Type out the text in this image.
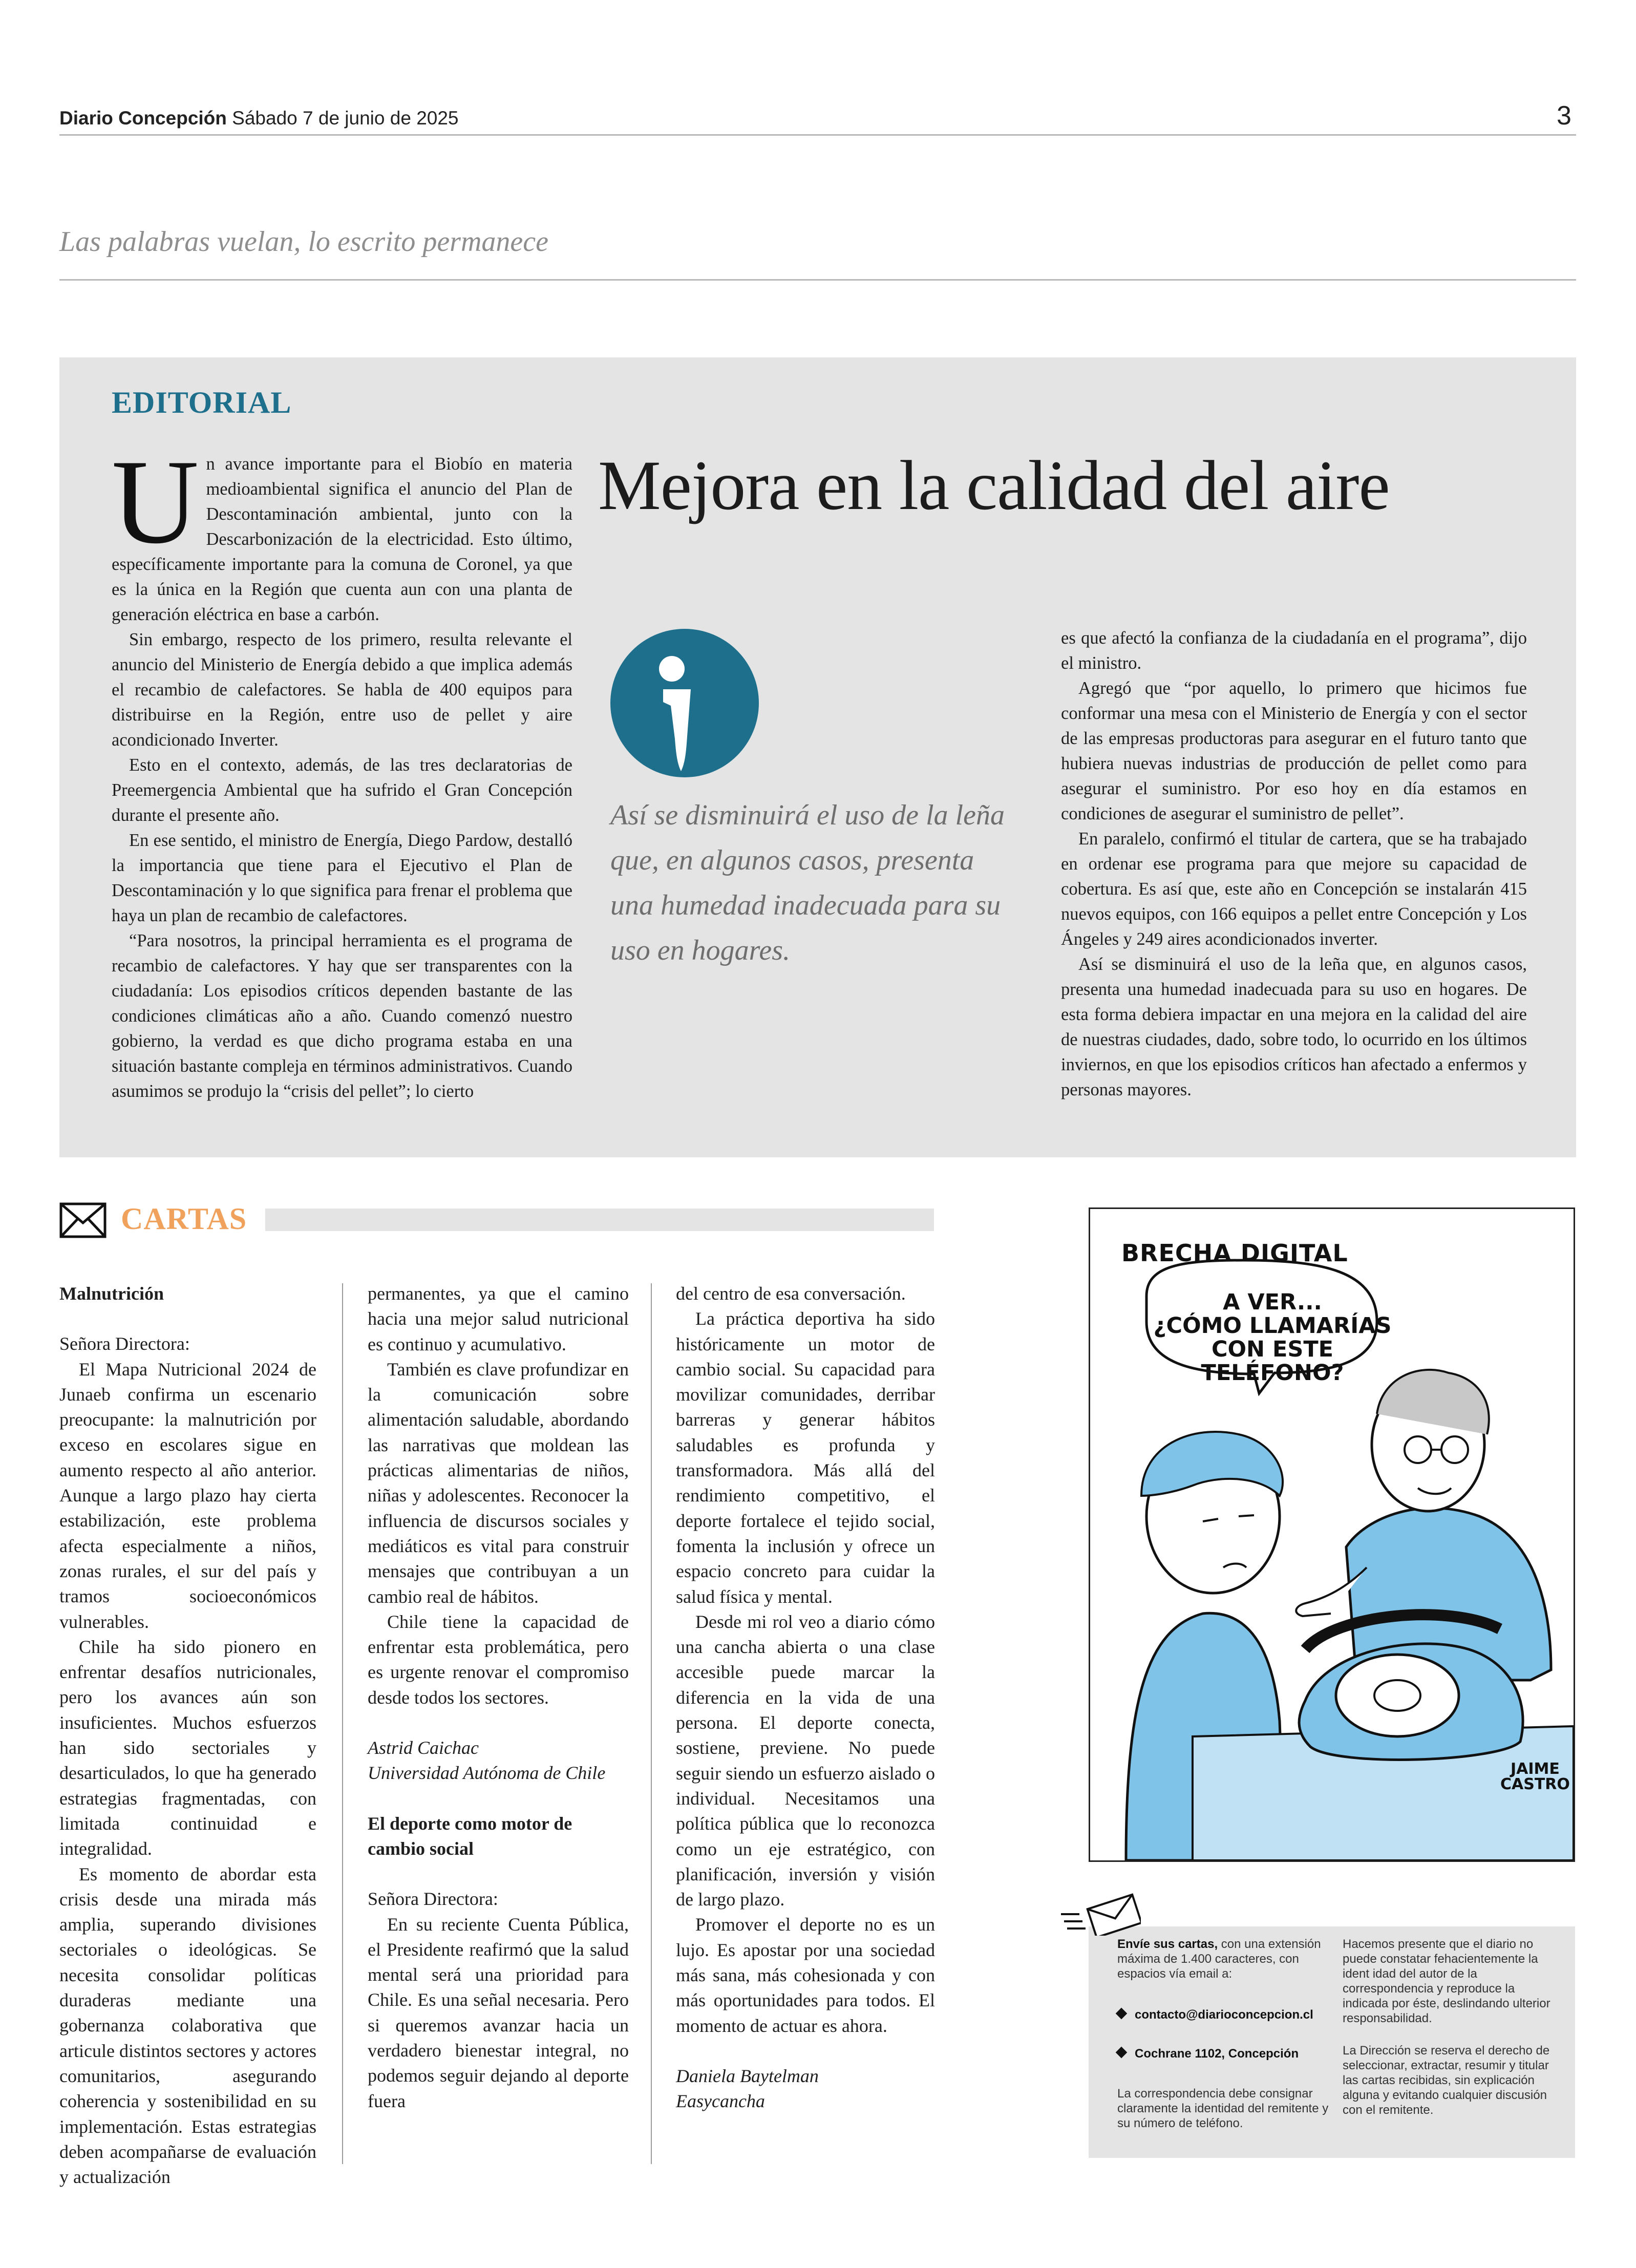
Diario Concepción Sábado 7 de junio de 2025	3
Las palabras vuelan, lo escrito permanece
EDITORIAL
Mejora en la calidad del aire

Un avance importante para el Biobío en materia medioambiental significa el anuncio del Plan de Descontaminación ambiental, junto con la Descarbonización de la electricidad. Esto último, específicamente importante para la comuna de Coronel, ya que es la única en la Región que cuenta aun con una planta de generación eléctrica en base a carbón.

Sin embargo, respecto de los primero, resulta relevante el anuncio del Ministerio de Energía debido a que implica además el recambio de calefactores. Se habla de 400 equipos para distribuirse en la Región, entre uso de pellet y aire acondicionado Inverter.

Esto en el contexto, además, de las tres declaratorias de Preemergencia Ambiental que ha sufrido el Gran Concepción durante el presente año.

En ese sentido, el ministro de Energía, Diego Pardow, destalló la importancia que tiene para el Ejecutivo el Plan de Descontaminación y lo que significa para frenar el problema que haya un plan de recambio de calefactores.

“Para nosotros, la principal herramienta es el programa de recambio de calefactores. Y hay que ser transparentes con la ciudadanía: Los episodios críticos dependen bastante de las condiciones climáticas año a año. Cuando comenzó nuestro gobierno, la verdad es que dicho programa estaba en una situación bastante compleja en términos administrativos. Cuando asumimos se produjo la “crisis del pellet”; lo cierto

Así se disminuirá el uso de la leña que, en algunos casos, presenta una humedad inadecuada para su uso en hogares.

es que afectó la confianza de la ciudadanía en el programa”, dijo el ministro.

Agregó que “por aquello, lo primero que hicimos fue conformar una mesa con el Ministerio de Energía y con el sector de las empresas productoras para asegurar en el futuro tanto que hubiera nuevas industrias de producción de pellet como para asegurar el suministro. Por eso hoy en día estamos en condiciones de asegurar el suministro de pellet”.

En paralelo, confirmó el titular de cartera, que se ha trabajado en ordenar ese programa para que mejore su capacidad de cobertura. Es así que, este año en Concepción se instalarán 415 nuevos equipos, con 166 equipos a pellet entre Concepción y Los Ángeles y 249 aires acondicionados inverter.

Así se disminuirá el uso de la leña que, en algunos casos, presenta una humedad inadecuada para su uso en hogares. De esta forma debiera impactar en una mejora en la calidad del aire de nuestras ciudades, dado, sobre todo, lo ocurrido en los últimos inviernos, en que los episodios críticos han afectado a enfermos y personas mayores.

CARTAS

Malnutrición

Señora Directora:

El Mapa Nutricional 2024 de Junaeb confirma un escenario preocupante: la malnutrición por exceso en escolares sigue en aumento respecto al año anterior. Aunque a largo plazo hay cierta estabilización, este problema afecta especialmente a niños, zonas rurales, el sur del país y tramos socioeconómicos vulnerables.

Chile ha sido pionero en enfrentar desafíos nutricionales, pero los avances aún son insuficientes. Muchos esfuerzos han sido sectoriales y desarticulados, lo que ha generado estrategias fragmentadas, con limitada continuidad e integralidad.

Es momento de abordar esta crisis desde una mirada más amplia, superando divisiones sectoriales o ideológicas. Se necesita consolidar políticas duraderas mediante una gobernanza colaborativa que articule distintos sectores y actores comunitarios, asegurando coherencia y sostenibilidad en su implementación. Estas estrategias deben acompañarse de evaluación y actualización

permanentes, ya que el camino hacia una mejor salud nutricional es continuo y acumulativo.

También es clave profundizar en la comunicación sobre alimentación saludable, abordando las narrativas que moldean las prácticas alimentarias de niños, niñas y adolescentes. Reconocer la influencia de discursos sociales y mediáticos es vital para construir mensajes que contribuyan a un cambio real de hábitos.

Chile tiene la capacidad de enfrentar esta problemática, pero es urgente renovar el compromiso desde todos los sectores.

Astrid Caichac

Universidad Autónoma de Chile

El deporte como motor de cambio social

Señora Directora:

En su reciente Cuenta Pública, el Presidente reafirmó que la salud mental será una prioridad para Chile. Es una señal necesaria. Pero si queremos avanzar hacia un verdadero bienestar integral, no podemos seguir dejando al deporte fuera

del centro de esa conversación.

La práctica deportiva ha sido históricamente un motor de cambio social. Su capacidad para movilizar comunidades, derribar barreras y generar hábitos saludables es profunda y transformadora. Más allá del rendimiento competitivo, el deporte fortalece el tejido social, fomenta la inclusión y ofrece un espacio concreto para cuidar la salud física y mental.

Desde mi rol veo a diario cómo una cancha abierta o una clase accesible puede marcar la diferencia en la vida de una persona. El deporte conecta, sostiene, previene. No puede seguir siendo un esfuerzo aislado o individual. Necesitamos una política pública que lo reconozca como un eje estratégico, con planificación, inversión y visión de largo plazo.

Promover el deporte no es un lujo. Es apostar por una sociedad más sana, más cohesionada y con más oportunidades para todos. El momento de actuar es ahora.

Daniela Baytelman

Easycancha

BRECHA DIGITAL
A VER...
¿CÓMO LLAMARÍAS
CON ESTE
TELÉFONO?
JAIME
CASTRO
Envíe sus cartas, con una extensión máxima de 1.400 caracteres, con espacios vía email a:
contacto@diarioconcepcion.cl
Cochrane 1102, Concepción
La correspondencia debe consignar claramente la identidad del remitente y su número de teléfono.
Hacemos presente que el diario no puede constatar fehacientemente la ident idad del autor de la correspondencia y reproduce la indicada por éste, deslindando ulterior responsabilidad.
La Dirección se reserva el derecho de seleccionar, extractar, resumir y titular las cartas recibidas, sin explicación alguna y evitando cualquier discusión con el remitente.
